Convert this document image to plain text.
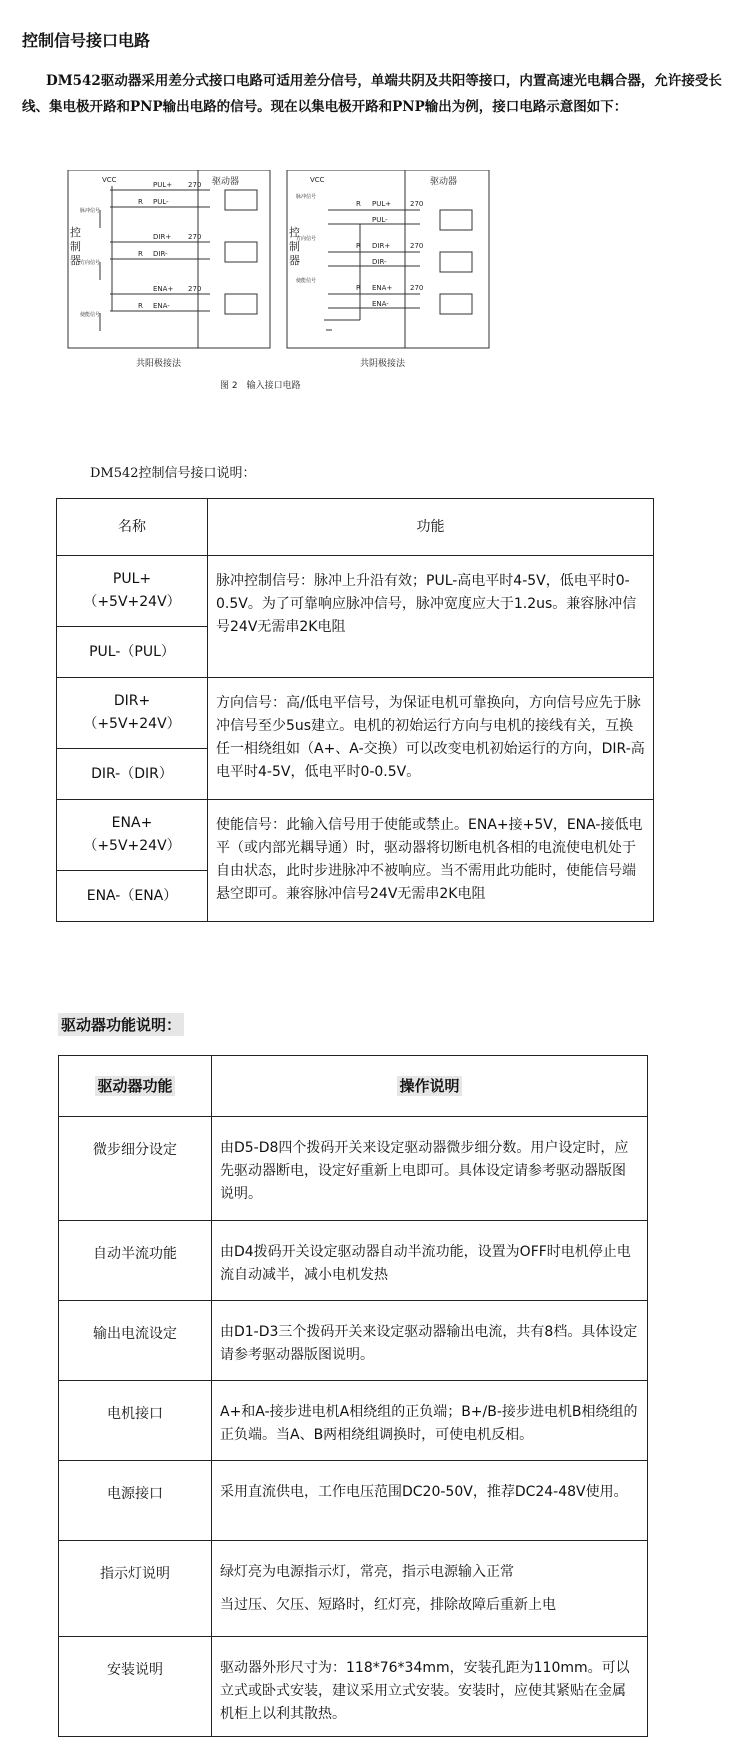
控制信号接口电路
DM542驱动器采用差分式接口电路可适用差分信号，单端共阴及共阳等接口，内置高速光电耦合器，允许接受长线、集电极开路和PNP输出电路的信号。现在以集电极开路和PNP输出为例，接口电路示意图如下：
VCC
PUL+
PUL-
DIR+
DIR-
ENA+
ENA-
270
270
270
R
R
R
脉冲信号
方向信号
使能信号
VCC
PUL+
PUL-
DIR+
DIR-
ENA+
ENA-
270
270
270
R
R
R
脉冲信号
方向信号
使能信号
驱动器	驱动器
共阳极接法	共阴极接法
图 2　输入接口电路
控
制
器
控
制
器
DM542控制信号接口说明：
名称	功能
PUL+
（+5V+24V）	脉冲控制信号：脉冲上升沿有效；PUL-高电平时4-5V，低电平时0-0.5V。为了可靠响应脉冲信号，脉冲宽度应大于1.2us。兼容脉冲信号24V无需串2K电阻
PUL-（PUL）	
DIR+
（+5V+24V）	方向信号：高/低电平信号，为保证电机可靠换向，方向信号应先于脉冲信号至少5us建立。电机的初始运行方向与电机的接线有关，互换任一相绕组如（A+、A-交换）可以改变电机初始运行的方向，DIR-高电平时4-5V，低电平时0-0.5V。
DIR-（DIR）	
ENA+
（+5V+24V）	使能信号：此输入信号用于使能或禁止。ENA+接+5V，ENA-接低电平（或内部光耦导通）时，驱动器将切断电机各相的电流使电机处于自由状态，此时步进脉冲不被响应。当不需用此功能时，使能信号端悬空即可。兼容脉冲信号24V无需串2K电阻
ENA-（ENA）	
驱动器功能说明：
驱动器功能	操作说明
微步细分设定	由D5-D8四个拨码开关来设定驱动器微步细分数。用户设定时，应先驱动器断电，设定好重新上电即可。具体设定请参考驱动器版图说明。
自动半流功能	由D4拨码开关设定驱动器自动半流功能，设置为OFF时电机停止电流自动减半，减小电机发热
输出电流设定	由D1-D3三个拨码开关来设定驱动器输出电流，共有8档。具体设定请参考驱动器版图说明。
电机接口	A+和A-接步进电机A相绕组的正负端；B+/B-接步进电机B相绕组的正负端。当A、B两相绕组调换时，可使电机反相。
电源接口	采用直流供电，工作电压范围DC20-50V，推荐DC24-48V使用。
指示灯说明	绿灯亮为电源指示灯，常亮，指示电源输入正常
当过压、欠压、短路时，红灯亮，排除故障后重新上电

安装说明	驱动器外形尺寸为：118*76*34mm，安装孔距为110mm。可以立式或卧式安装，建议采用立式安装。安装时，应使其紧贴在金属机柜上以利其散热。
